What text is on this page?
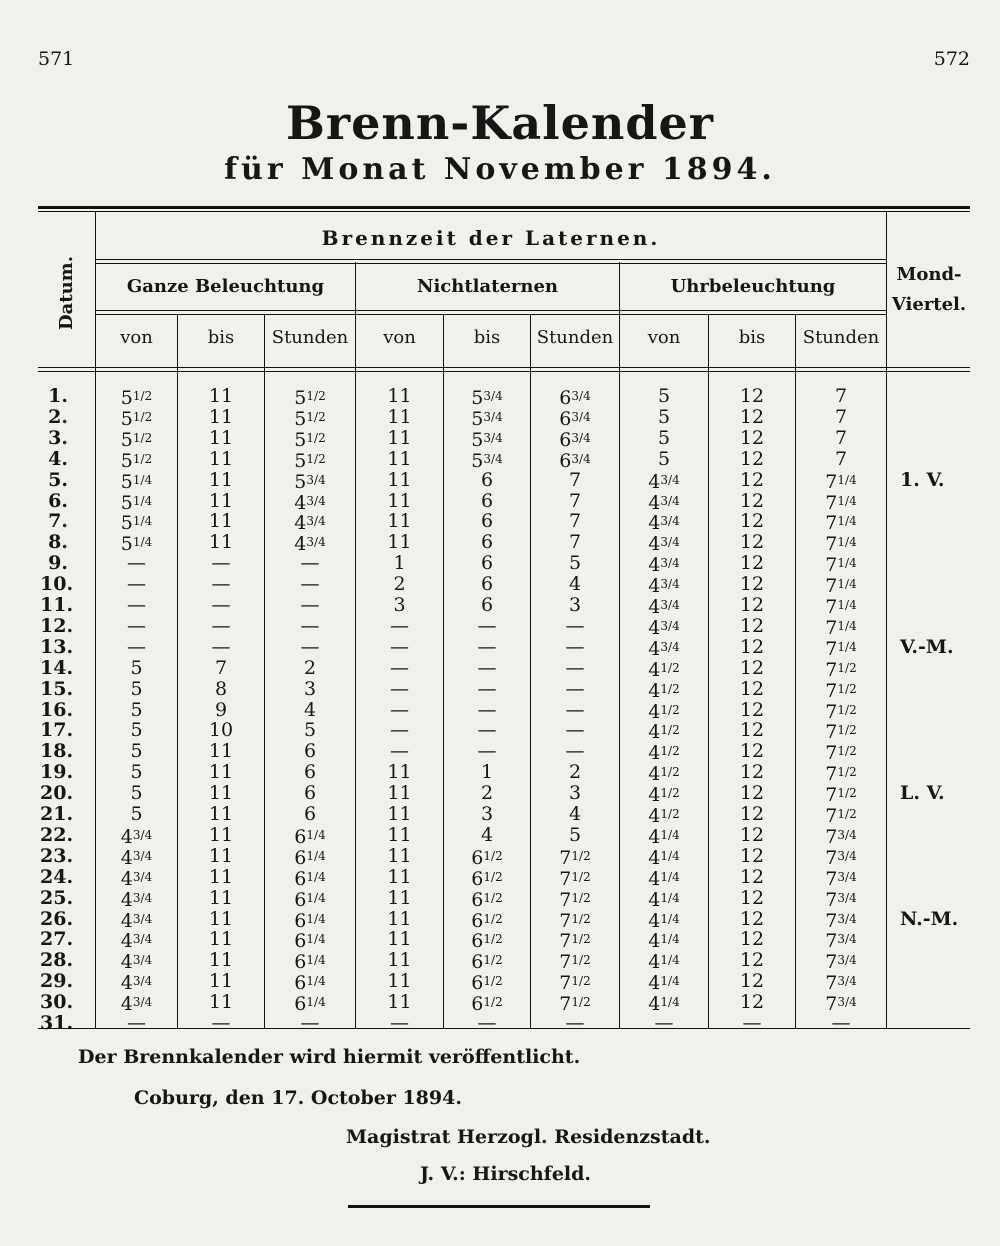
571	572
Brenn-Kalender
für Monat November 1894.
Datum.
Brennzeit der Laternen.
Ganze Beleuchtung	Nichtlaternen	Uhrbeleuchtung
von	bis	Stunden	von	bis	Stunden	von	bis	Stunden
Mond-
Viertel.
1.	$5^{1/2}$	11	$5^{1/2}$	11	$5^{3/4}$	$6^{3/4}$	5	12	7
2.	$5^{1/2}$	11	$5^{1/2}$	11	$5^{3/4}$	$6^{3/4}$	5	12	7
3.	$5^{1/2}$	11	$5^{1/2}$	11	$5^{3/4}$	$6^{3/4}$	5	12	7
4.	$5^{1/2}$	11	$5^{1/2}$	11	$5^{3/4}$	$6^{3/4}$	5	12	7
5.	$5^{1/4}$	11	$5^{3/4}$	11	6	7	$4^{3/4}$	12	$7^{1/4}$	1. V.
6.	$5^{1/4}$	11	$4^{3/4}$	11	6	7	$4^{3/4}$	12	$7^{1/4}$
7.	$5^{1/4}$	11	$4^{3/4}$	11	6	7	$4^{3/4}$	12	$7^{1/4}$
8.	$5^{1/4}$	11	$4^{3/4}$	11	6	7	$4^{3/4}$	12	$7^{1/4}$
9.	—	—	—	1	6	5	$4^{3/4}$	12	$7^{1/4}$
10.	—	—	—	2	6	4	$4^{3/4}$	12	$7^{1/4}$
11.	—	—	—	3	6	3	$4^{3/4}$	12	$7^{1/4}$
12.	—	—	—	—	—	—	$4^{3/4}$	12	$7^{1/4}$
13.	—	—	—	—	—	—	$4^{3/4}$	12	$7^{1/4}$	V.-M.
14.	5	7	2	—	—	—	$4^{1/2}$	12	$7^{1/2}$
15.	5	8	3	—	—	—	$4^{1/2}$	12	$7^{1/2}$
16.	5	9	4	—	—	—	$4^{1/2}$	12	$7^{1/2}$
17.	5	10	5	—	—	—	$4^{1/2}$	12	$7^{1/2}$
18.	5	11	6	—	—	—	$4^{1/2}$	12	$7^{1/2}$
19.	5	11	6	11	1	2	$4^{1/2}$	12	$7^{1/2}$
20.	5	11	6	11	2	3	$4^{1/2}$	12	$7^{1/2}$	L. V.
21.	5	11	6	11	3	4	$4^{1/2}$	12	$7^{1/2}$
22.	$4^{3/4}$	11	$6^{1/4}$	11	4	5	$4^{1/4}$	12	$7^{3/4}$
23.	$4^{3/4}$	11	$6^{1/4}$	11	$6^{1/2}$	$7^{1/2}$	$4^{1/4}$	12	$7^{3/4}$
24.	$4^{3/4}$	11	$6^{1/4}$	11	$6^{1/2}$	$7^{1/2}$	$4^{1/4}$	12	$7^{3/4}$
25.	$4^{3/4}$	11	$6^{1/4}$	11	$6^{1/2}$	$7^{1/2}$	$4^{1/4}$	12	$7^{3/4}$
26.	$4^{3/4}$	11	$6^{1/4}$	11	$6^{1/2}$	$7^{1/2}$	$4^{1/4}$	12	$7^{3/4}$	N.-M.
27.	$4^{3/4}$	11	$6^{1/4}$	11	$6^{1/2}$	$7^{1/2}$	$4^{1/4}$	12	$7^{3/4}$
28.	$4^{3/4}$	11	$6^{1/4}$	11	$6^{1/2}$	$7^{1/2}$	$4^{1/4}$	12	$7^{3/4}$
29.	$4^{3/4}$	11	$6^{1/4}$	11	$6^{1/2}$	$7^{1/2}$	$4^{1/4}$	12	$7^{3/4}$
30.	$4^{3/4}$	11	$6^{1/4}$	11	$6^{1/2}$	$7^{1/2}$	$4^{1/4}$	12	$7^{3/4}$
31.	—	—	—	—	—	—	—	—	—
Der Brennkalender wird hiermit veröffentlicht.
Coburg, den 17. October 1894.
Magistrat Herzogl. Residenzstadt.
J. V.: Hirschfeld.
